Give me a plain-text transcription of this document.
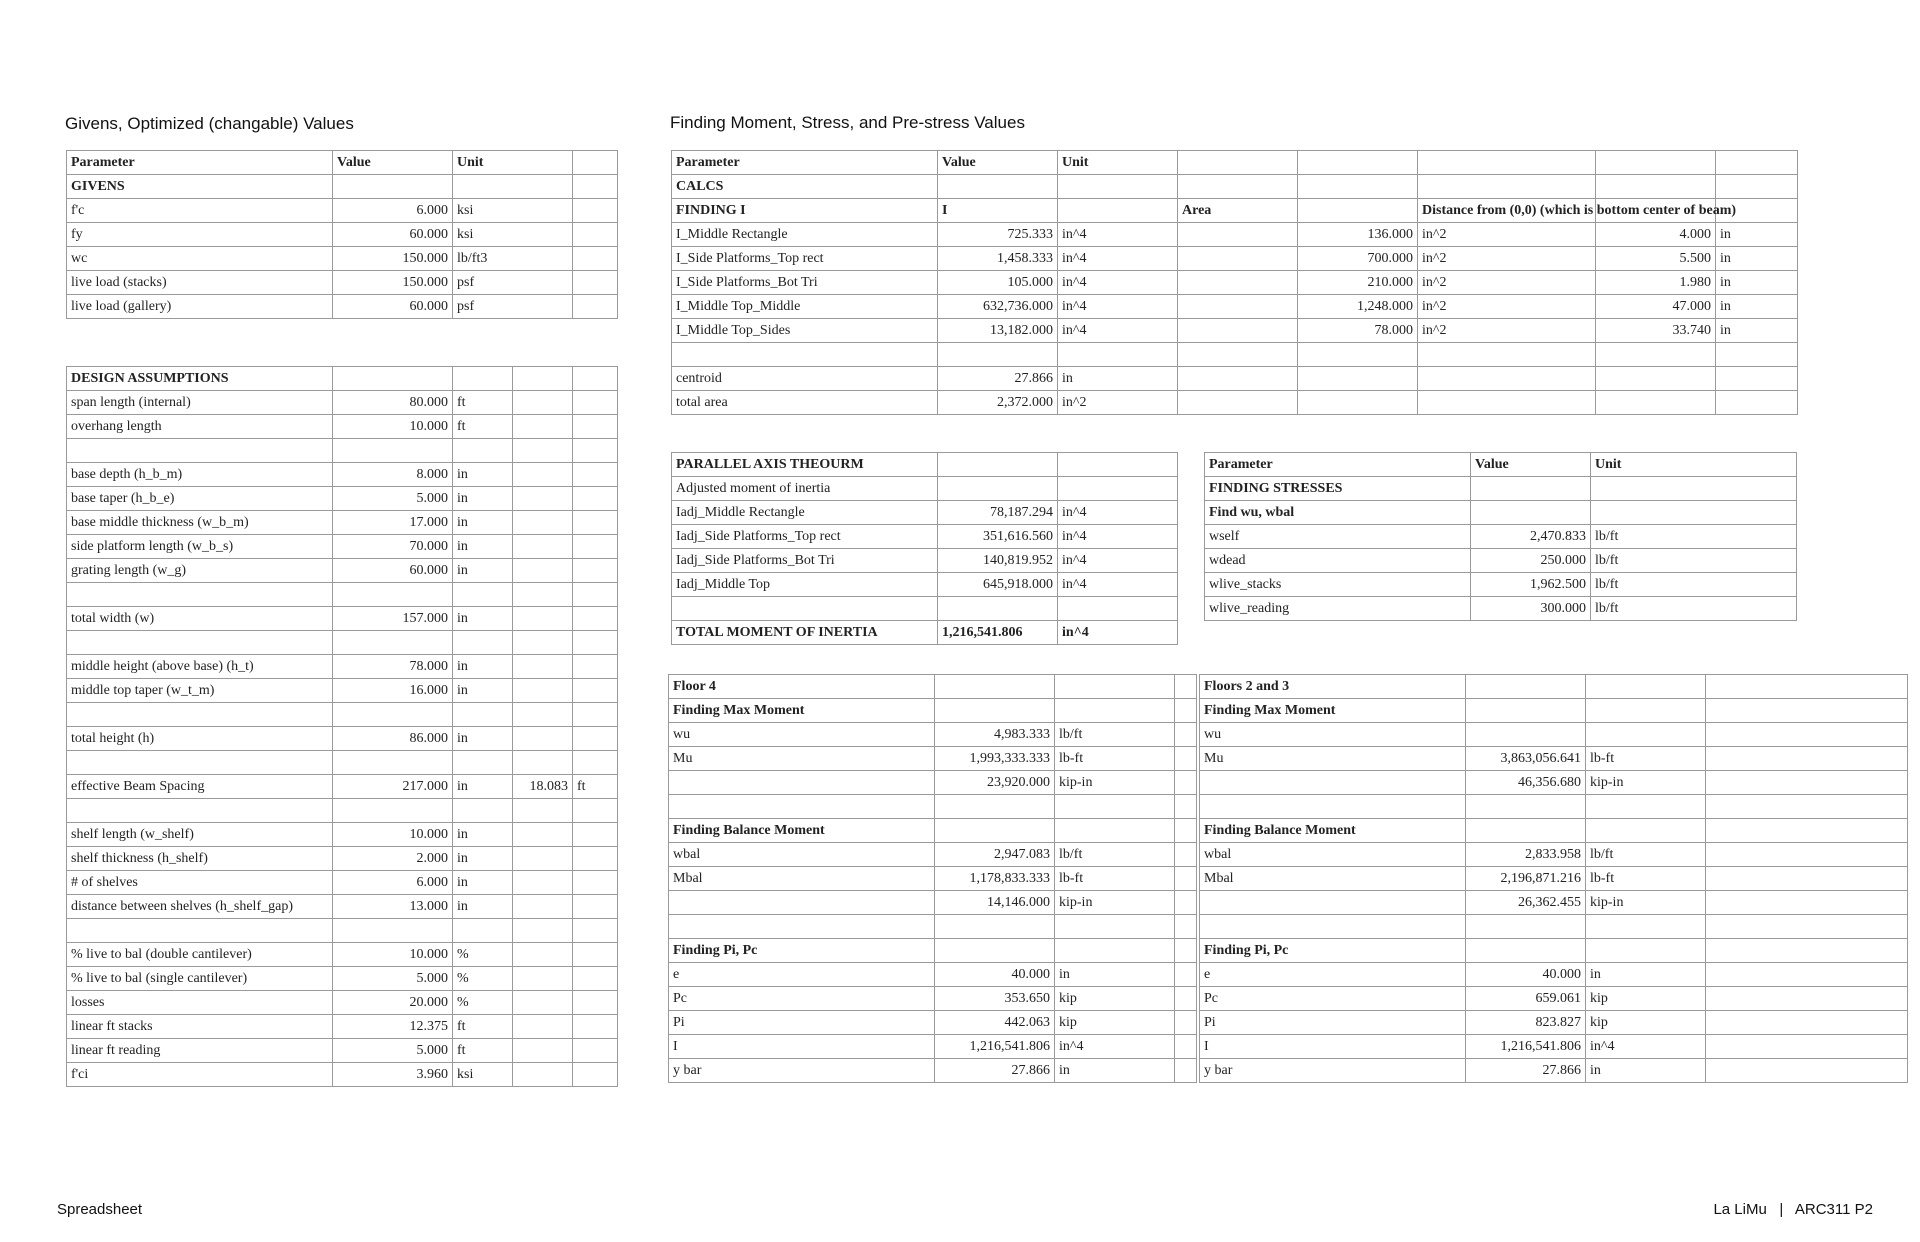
Givens, Optimized (changable) Values	Finding Moment, Stress, and Pre-stress Values
Parameter	Value	Unit	
GIVENS			
f'c	6.000	ksi	
fy	60.000	ksi	
wc	150.000	lb/ft3	
live load (stacks)	150.000	psf	
live load (gallery)	60.000	psf	
DESIGN ASSUMPTIONS				
span length (internal)	80.000	ft		
overhang length	10.000	ft		

base depth (h_b_m)	8.000	in		
base taper (h_b_e)	5.000	in		
base middle thickness (w_b_m)	17.000	in		
side platform length (w_b_s)	70.000	in		
grating length (w_g)	60.000	in		

total width (w)	157.000	in		

middle height (above base) (h_t)	78.000	in		
middle top taper (w_t_m)	16.000	in		

total height (h)	86.000	in		

effective Beam Spacing	217.000	in	18.083	ft

shelf length (w_shelf)	10.000	in		
shelf thickness (h_shelf)	2.000	in		
# of shelves	6.000	in		
distance between shelves (h_shelf_gap)	13.000	in		

% live to bal (double cantilever)	10.000	%		
% live to bal (single cantilever)	5.000	%		
losses	20.000	%		
linear ft stacks	12.375	ft		
linear ft reading	5.000	ft		
f'ci	3.960	ksi		
Parameter	Value	Unit					
CALCS							
FINDING I	I		Area		Distance from (0,0) (which is bottom center of beam)		
I_Middle Rectangle	725.333	in^4		136.000	in^2	4.000	in
I_Side Platforms_Top rect	1,458.333	in^4		700.000	in^2	5.500	in
I_Side Platforms_Bot Tri	105.000	in^4		210.000	in^2	1.980	in
I_Middle Top_Middle	632,736.000	in^4		1,248.000	in^2	47.000	in
I_Middle Top_Sides	13,182.000	in^4		78.000	in^2	33.740	in

centroid	27.866	in					
total area	2,372.000	in^2					
PARALLEL AXIS THEOURM			
Adjusted moment of inertia			
Iadj_Middle Rectangle	78,187.294	in^4	
Iadj_Side Platforms_Top rect	351,616.560	in^4	
Iadj_Side Platforms_Bot Tri	140,819.952	in^4	
Iadj_Middle Top	645,918.000	in^4	

TOTAL MOMENT OF INERTIA	1,216,541.806	in^4	
Parameter	Value	Unit
FINDING STRESSES		
Find wu, wbal		
wself	2,470.833	lb/ft
wdead	250.000	lb/ft
wlive_stacks	1,962.500	lb/ft
wlive_reading	300.000	lb/ft
Floor 4			
Finding Max Moment			
wu	4,983.333	lb/ft	
Mu	1,993,333.333	lb-ft	
	23,920.000	kip-in	

Finding Balance Moment			
wbal	2,947.083	lb/ft	
Mbal	1,178,833.333	lb-ft	
	14,146.000	kip-in	

Finding Pi, Pc			
e	40.000	in	
Pc	353.650	kip	
Pi	442.063	kip	
I	1,216,541.806	in^4	
y bar	27.866	in	
Floors 2 and 3			
Finding Max Moment			
wu			
Mu	3,863,056.641	lb-ft	
	46,356.680	kip-in	

Finding Balance Moment			
wbal	2,833.958	lb/ft	
Mbal	2,196,871.216	lb-ft	
	26,362.455	kip-in	

Finding Pi, Pc			
e	40.000	in	
Pc	659.061	kip	
Pi	823.827	kip	
I	1,216,541.806	in^4	
y bar	27.866	in	
Spreadsheet	La LiMu   |   ARC311 P2
